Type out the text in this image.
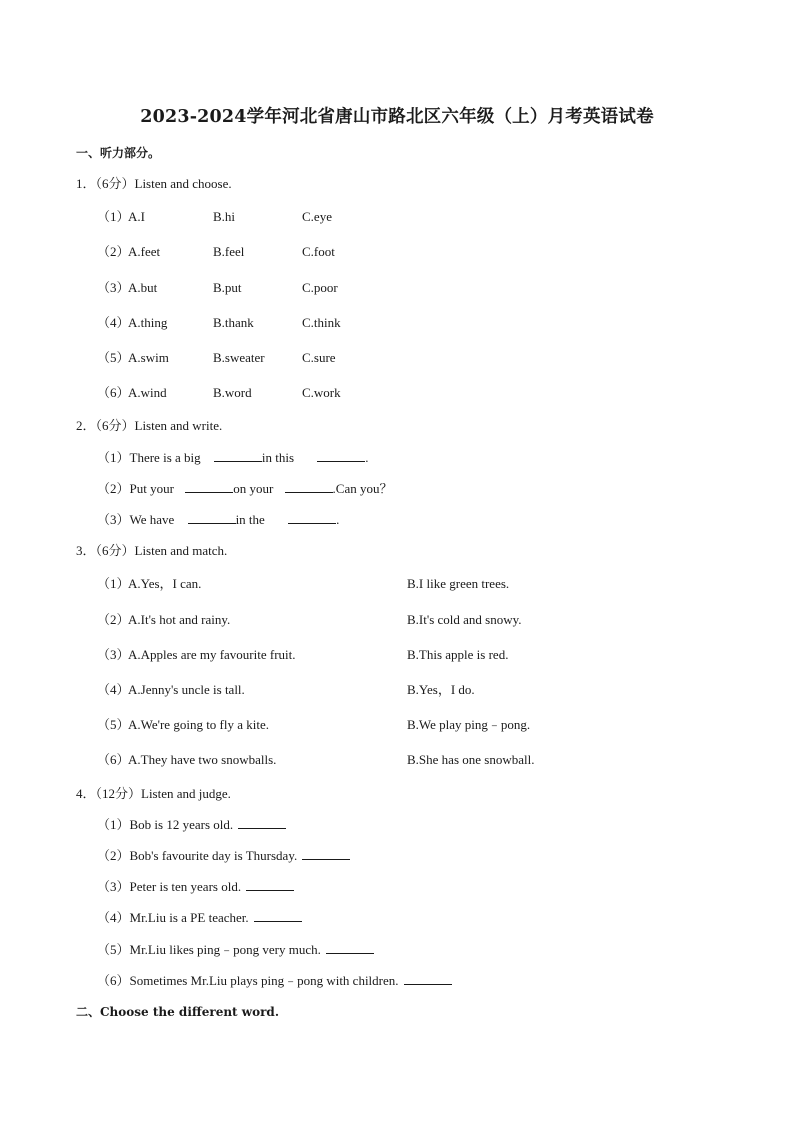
2023-2024学年河北省唐山市路北区六年级（上）月考英语试卷
一、听力部分。
1．（6分）Listen and choose.
（1）
A.I	B.hi	C.eye
（2）
A.feet	B.feel	C.foot
（3）
A.but	B.put	C.poor
（4）
A.thing	B.thank	C.think
（5）
A.swim	B.sweater	C.sure
（6）
A.wind	B.word	C.work
2．（6分）Listen and write.
（1）There is a big	in this	.
（2）Put your	on your	.Can you？
（3）We have	in the	.
3．（6分）Listen and match.
（1）
A.Yes，I can.	B.I like green trees.
（2）
A.It's hot and rainy.	B.It's cold and snowy.
（3）
A.Apples are my favourite fruit.	B.This apple is red.
（4）
A.Jenny's uncle is tall.	B.Yes，I do.
（5）
A.We're going to fly a kite.	B.We play ping﹣pong.
（6）
A.They have two snowballs.	B.She has one snowball.
4．（12分）Listen and judge.
（1）Bob is 12 years old.
（2）Bob's favourite day is Thursday.
（3）Peter is ten years old.
（4）Mr.Liu is a PE teacher.
（5）Mr.Liu likes ping﹣pong very much.
（6）Sometimes Mr.Liu plays ping﹣pong with children.
二、Choose the different word.
